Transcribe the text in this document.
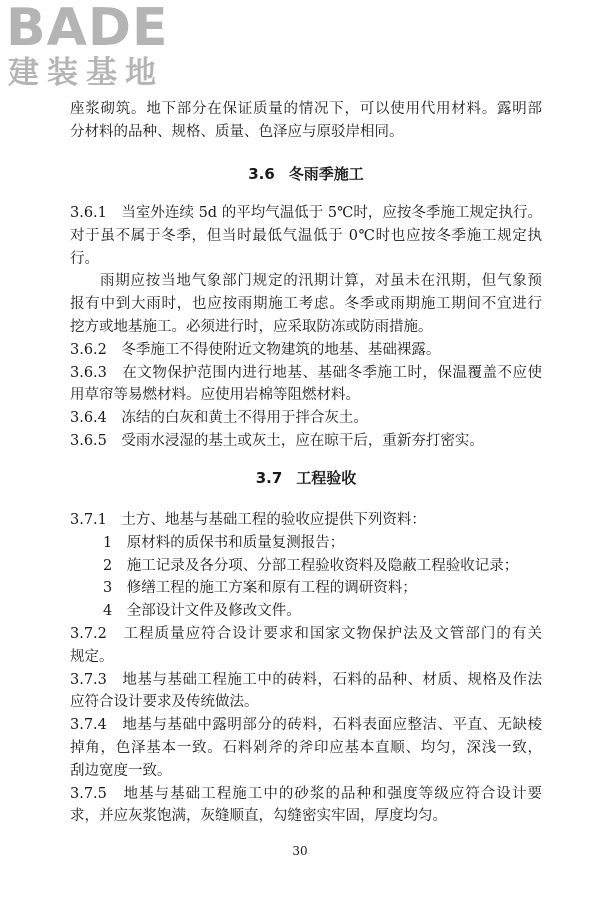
BADE
建装基地
座浆砌筑。地下部分在保证质量的情况下，可以使用代用材料。露明部
分材料的品种、规格、质量、色泽应与原驳岸相同。
3.6 冬雨季施工
3.6.1　当室外连续 5d 的平均气温低于 5℃时，应按冬季施工规定执行。
对于虽不属于冬季，但当时最低气温低于 0℃时也应按冬季施工规定执
行。
雨期应按当地气象部门规定的汛期计算，对虽未在汛期，但气象预
报有中到大雨时，也应按雨期施工考虑。冬季或雨期施工期间不宜进行
挖方或地基施工。必须进行时，应采取防冻或防雨措施。
3.6.2　冬季施工不得使附近文物建筑的地基、基础裸露。
3.6.3　在文物保护范围内进行地基、基础冬季施工时，保温覆盖不应使
用草帘等易燃材料。应使用岩棉等阻燃材料。
3.6.4　冻结的白灰和黄土不得用于拌合灰土。
3.6.5　受雨水浸湿的基土或灰土，应在晾干后，重新夯打密实。
3.7 工程验收
3.7.1　土方、地基与基础工程的验收应提供下列资料：
1　原材料的质保书和质量复测报告；
2　施工记录及各分项、分部工程验收资料及隐蔽工程验收记录；
3　修缮工程的施工方案和原有工程的调研资料；
4　全部设计文件及修改文件。
3.7.2　工程质量应符合设计要求和国家文物保护法及文管部门的有关
规定。
3.7.3　地基与基础工程施工中的砖料，石料的品种、材质、规格及作法
应符合设计要求及传统做法。
3.7.4　地基与基础中露明部分的砖料，石料表面应整洁、平直、无缺棱
掉角，色泽基本一致。石料剁斧的斧印应基本直顺、均匀，深浅一致，
刮边宽度一致。
3.7.5　地基与基础工程施工中的砂浆的品种和强度等级应符合设计要
求，并应灰浆饱满，灰缝顺直，勾缝密实牢固，厚度均匀。
30
